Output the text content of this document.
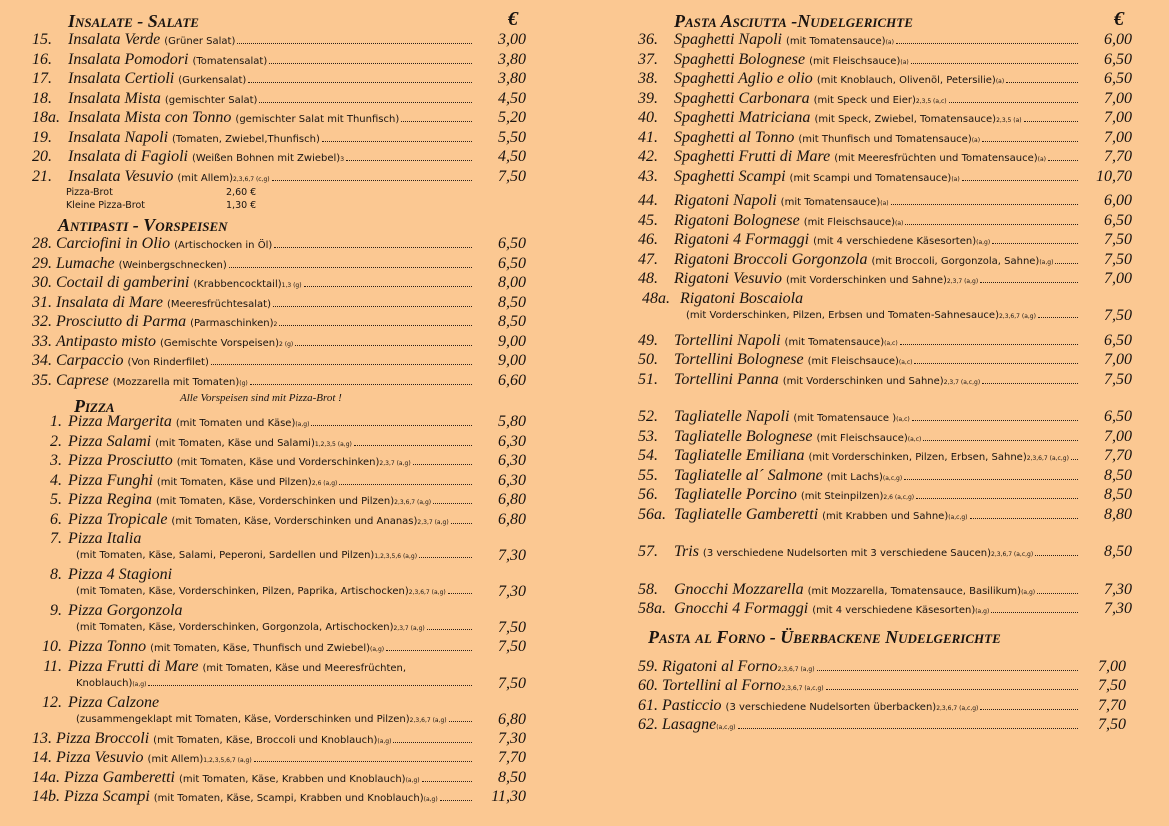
Insalate - Salate	€
15. Insalata Verde (Grüner Salat)	3,00
16. Insalata Pomodori (Tomatensalat)	3,80
17. Insalata Certioli (Gurkensalat)	3,80
18. Insalata Mista (gemischter Salat)	4,50
18a. Insalata Mista con Tonno (gemischter Salat mit Thunfisch)	5,20
19. Insalata Napoli (Tomaten, Zwiebel,Thunfisch)	5,50
20. Insalata di Fagioli (Weißen Bohnen mit Zwiebel) 3	4,50
21. Insalata Vesuvio (mit Allem) 2,3,6,7 (c,g)	7,50
Pizza-Brot	2,60 €
Kleine Pizza-Brot	1,30 €
Antipasti - Vorspeisen
28. Carciofini in Olio (Artischocken in Öl)	6,50
29. Lumache (Weinbergschnecken)	6,50
30. Coctail di gamberini (Krabbencocktail) 1,3 (g)	8,00
31. Insalata di Mare (Meeresfrüchtesalat)	8,50
32. Prosciutto di Parma (Parmaschinken) 2	8,50
33. Antipasto misto (Gemischte Vorspeisen) 2 (g)	9,00
34. Carpaccio (Von Rinderfilet)	9,00
35. Caprese (Mozzarella mit Tomaten) (g)	6,60
Pizza	Alle Vorspeisen sind mit Pizza-Brot !
1. Pizza Margerita (mit Tomaten und Käse) (a,g)	5,80
2. Pizza Salami (mit Tomaten, Käse und Salami) 1,2,3,5 (a,g)	6,30
3. Pizza Prosciutto (mit Tomaten, Käse und Vorderschinken) 2,3,7 (a,g)	6,30
4. Pizza Funghi (mit Tomaten, Käse und Pilzen) 2,6 (a,g)	6,30
5. Pizza Regina (mit Tomaten, Käse, Vorderschinken und Pilzen) 2,3,6,7 (a,g)	6,80
6. Pizza Tropicale (mit Tomaten, Käse, Vorderschinken und Ananas) 2,3,7 (a,g)	6,80
7. Pizza Italia
(mit Tomaten, Käse, Salami, Peperoni, Sardellen und Pilzen) 1,2,3,5,6 (a,g)	7,30
8. Pizza 4 Stagioni
(mit Tomaten, Käse, Vorderschinken, Pilzen, Paprika, Artischocken) 2,3,6,7 (a,g)	7,30
9. Pizza Gorgonzola
(mit Tomaten, Käse, Vorderschinken, Gorgonzola, Artischocken) 2,3,7 (a,g)	7,50
10. Pizza Tonno (mit Tomaten, Käse, Thunfisch und Zwiebel) (a,g)	7,50
11. Pizza Frutti di Mare (mit Tomaten, Käse und Meeresfrüchten,
Knoblauch) (a,g)	7,50
12. Pizza Calzone
(zusammengeklapt mit Tomaten, Käse, Vorderschinken und Pilzen) 2,3,6,7 (a,g)	6,80
13. Pizza Broccoli (mit Tomaten, Käse, Broccoli und Knoblauch) (a,g)	7,30
14. Pizza Vesuvio (mit Allem) 1,2,3,5,6,7 (a,g)	7,70
14a. Pizza Gamberetti (mit Tomaten, Käse, Krabben und Knoblauch) (a,g)	8,50
14b. Pizza Scampi (mit Tomaten, Käse, Scampi, Krabben und Knoblauch) (a,g)	11,30
Pasta Asciutta -Nudelgerichte	€
36. Spaghetti Napoli (mit Tomatensauce) (a)	6,00
37. Spaghetti Bolognese (mit Fleischsauce) (a)	6,50
38. Spaghetti Aglio e olio (mit Knoblauch, Olivenöl, Petersilie) (a)	6,50
39. Spaghetti Carbonara (mit Speck und Eier) 2,3,5 (a,c)	7,00
40. Spaghetti Matriciana (mit Speck, Zwiebel, Tomatensauce) 2,3,5 (a)	7,00
41. Spaghetti al Tonno (mit Thunfisch und Tomatensauce) (a)	7,00
42. Spaghetti Frutti di Mare (mit Meeresfrüchten und Tomatensauce) (a)	7,70
43. Spaghetti Scampi (mit Scampi und Tomatensauce) (a)	10,70
44. Rigatoni Napoli (mit Tomatensauce) (a)	6,00
45. Rigatoni Bolognese (mit Fleischsauce) (a)	6,50
46. Rigatoni 4 Formaggi (mit 4 verschiedene Käsesorten) (a,g)	7,50
47. Rigatoni Broccoli Gorgonzola (mit Broccoli, Gorgonzola, Sahne) (a,g)	7,50
48. Rigatoni Vesuvio (mit Vorderschinken und Sahne) 2,3,7 (a,g)	7,00
48a. Rigatoni Boscaiola
(mit Vorderschinken, Pilzen, Erbsen und Tomaten-Sahnesauce) 2,3,6,7 (a,g)	7,50
49. Tortellini Napoli (mit Tomatensauce) (a,c)	6,50
50. Tortellini Bolognese (mit Fleischsauce) (a,c)	7,00
51. Tortellini Panna (mit Vorderschinken und Sahne) 2,3,7 (a,c,g)	7,50
52. Tagliatelle Napoli (mit Tomatensauce ) (a,c)	6,50
53. Tagliatelle Bolognese (mit Fleischsauce) (a,c)	7,00
54. Tagliatelle Emiliana (mit Vorderschinken, Pilzen, Erbsen, Sahne) 2,3,6,7 (a,c,g) 7,70
55. Tagliatelle al´ Salmone (mit Lachs) (a,c,g)	8,50
56. Tagliatelle Porcino (mit Steinpilzen) 2,6 (a,c,g)	8,50
56a. Tagliatelle Gamberetti (mit Krabben und Sahne) (a,c,g)	8,80
57. Tris (3 verschiedene Nudelsorten mit 3 verschiedene Saucen) 2,3,6,7 (a,c,g)	8,50
58. Gnocchi Mozzarella (mit Mozzarella, Tomatensauce, Basilikum) (a,g)	7,30
58a. Gnocchi 4 Formaggi (mit 4 verschiedene Käsesorten) (a,g)	7,30
Pasta al Forno - Überbackene Nudelgerichte
59. Rigatoni al Forno 2,3,6,7 (a,g)	7,00
60. Tortellini al Forno 2,3,6,7 (a,c,g)	7,50
61. Pasticcio (3 verschiedene Nudelsorten überbacken) 2,3,6,7 (a,c,g)	7,70
62. Lasagne (a,c,g)	7,50
